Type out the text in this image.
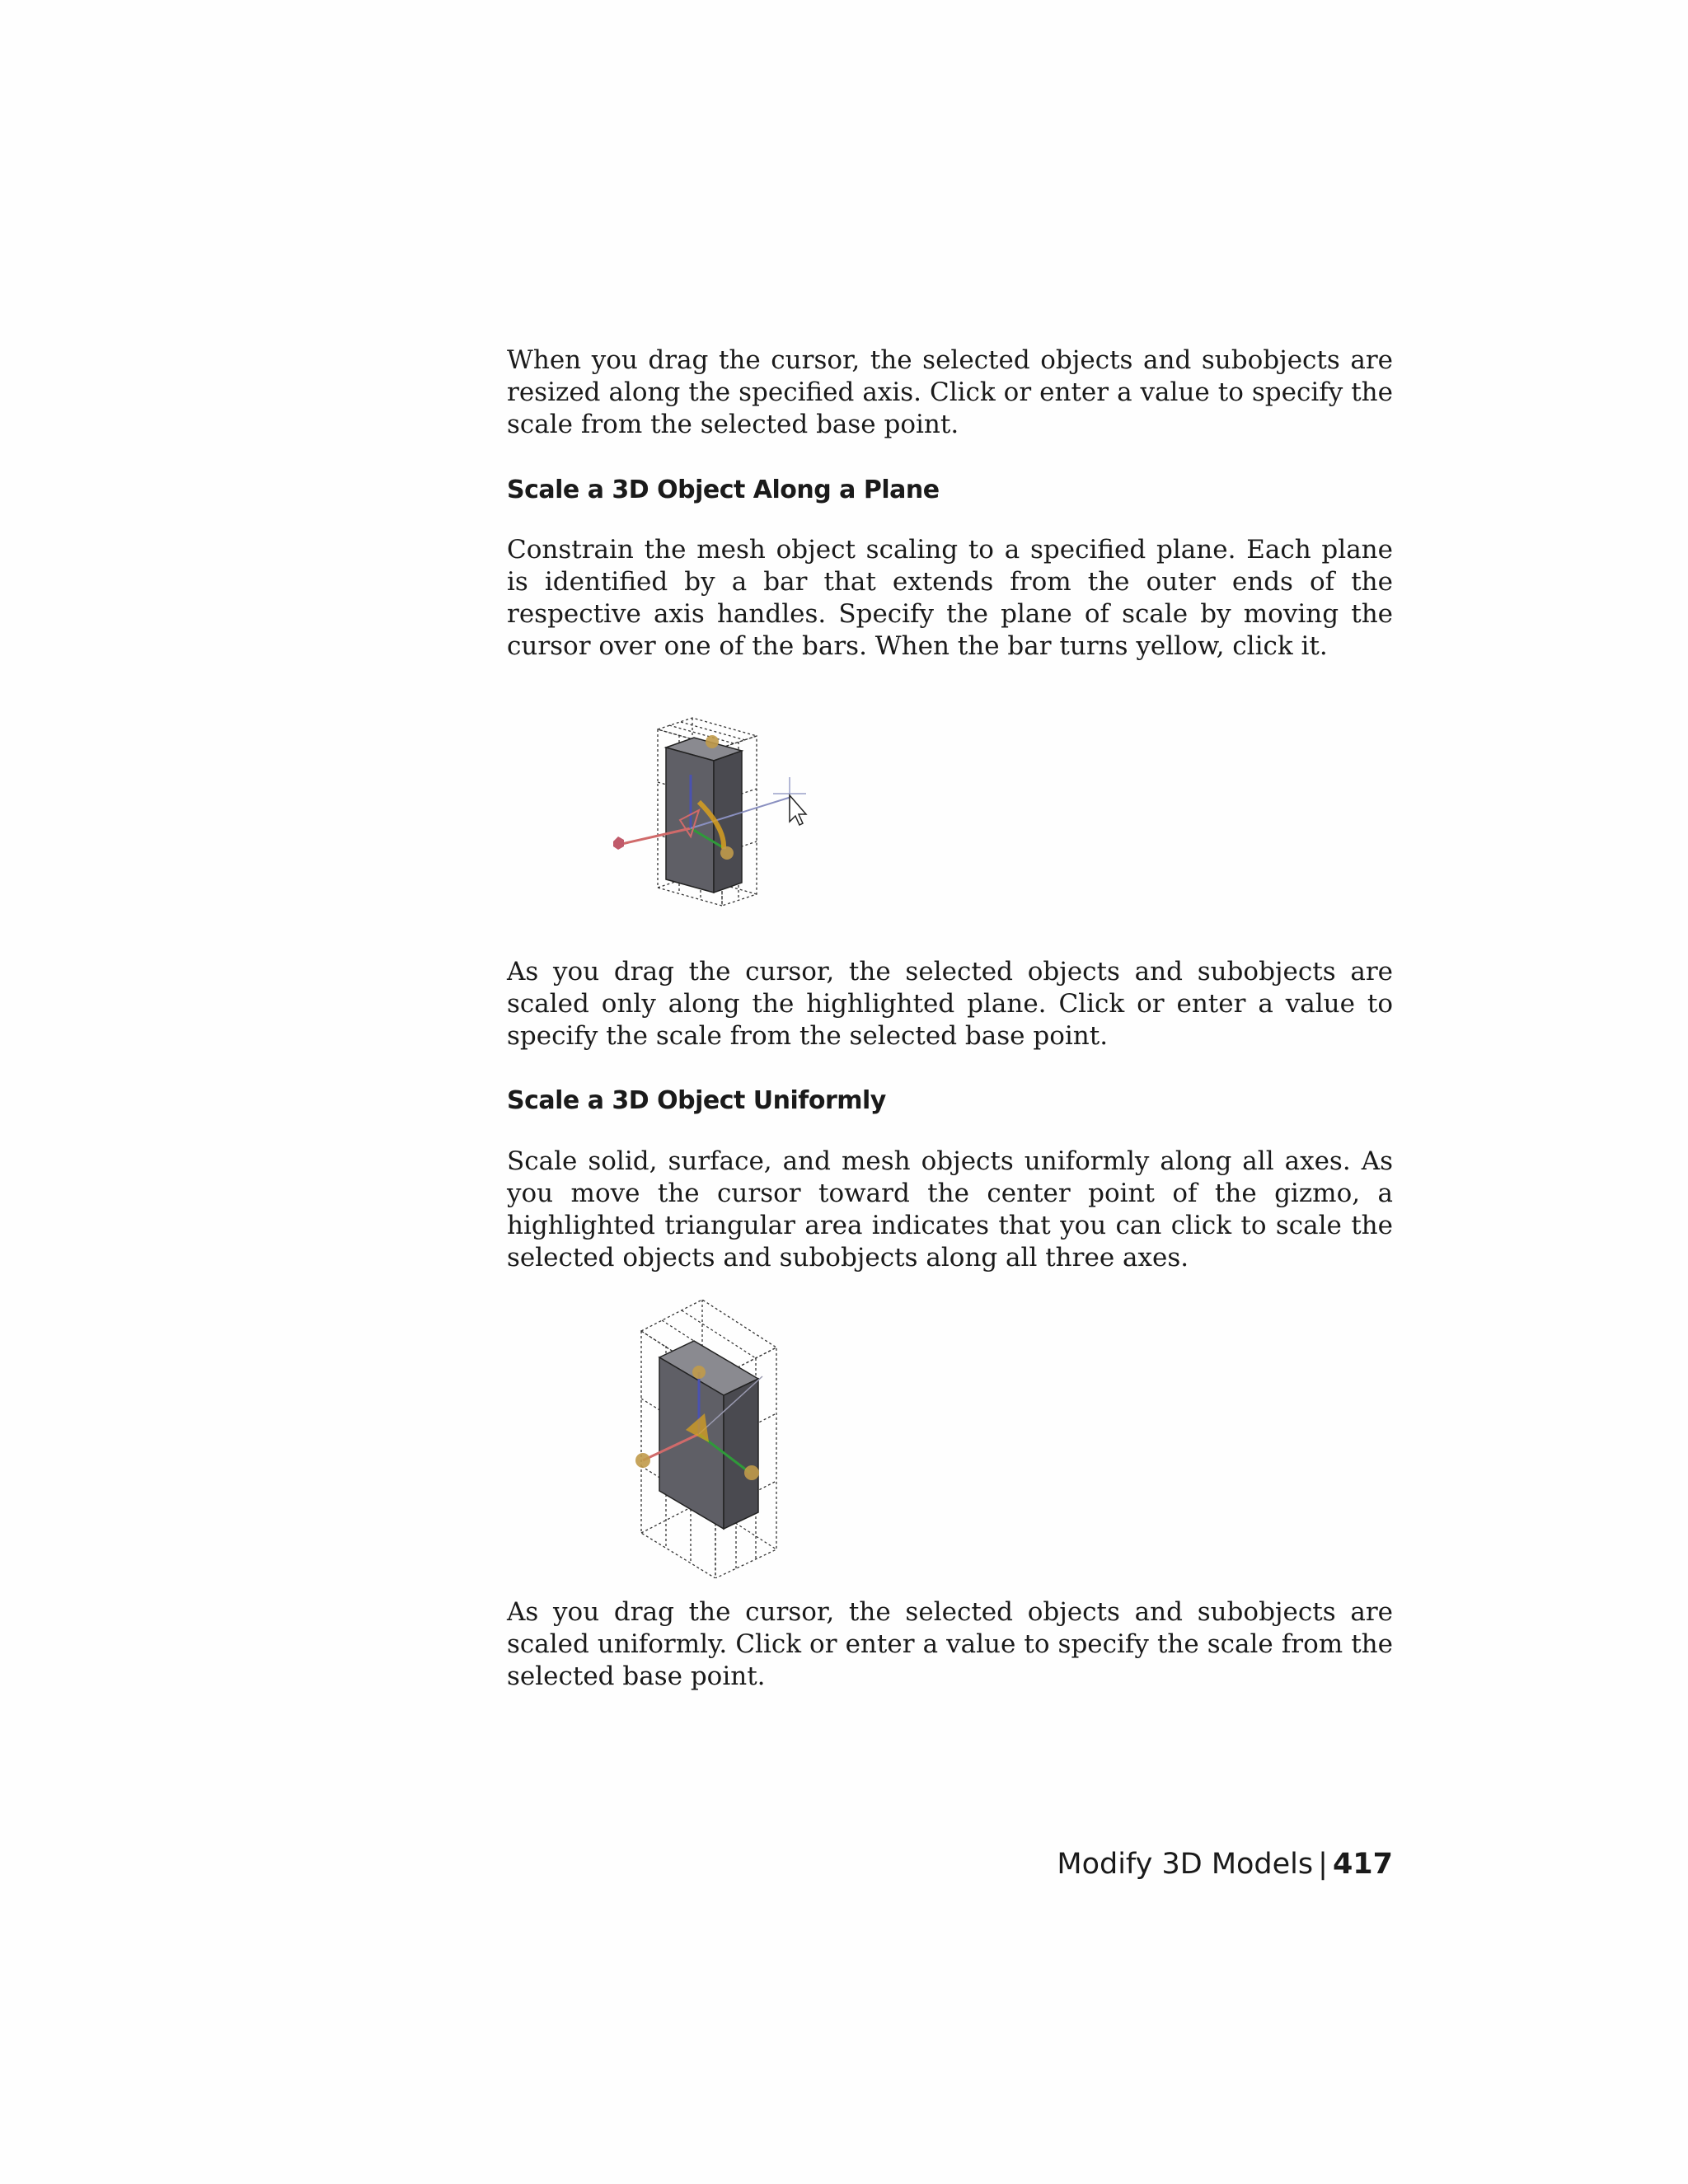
When you drag the cursor, the selected objects and subobjects are resized along the specified axis. Click or enter a value to specify the scale from the selected base point.

Scale a 3D Object Along a Plane

Constrain the mesh object scaling to a specified plane. Each plane is identified by a bar that extends from the outer ends of the respective axis handles. Specify the plane of scale by moving the cursor over one of the bars. When the bar turns yellow, click it.

As you drag the cursor, the selected objects and subobjects are scaled only along the highlighted plane. Click or enter a value to specify the scale from the selected base point.

Scale a 3D Object Uniformly

Scale solid, surface, and mesh objects uniformly along all axes. As you move the cursor toward the center point of the gizmo, a highlighted triangular area indicates that you can click to scale the selected objects and subobjects along all three axes.

As you drag the cursor, the selected objects and subobjects are scaled uniformly. Click or enter a value to specify the scale from the selected base point.

Modify 3D Models | 417
